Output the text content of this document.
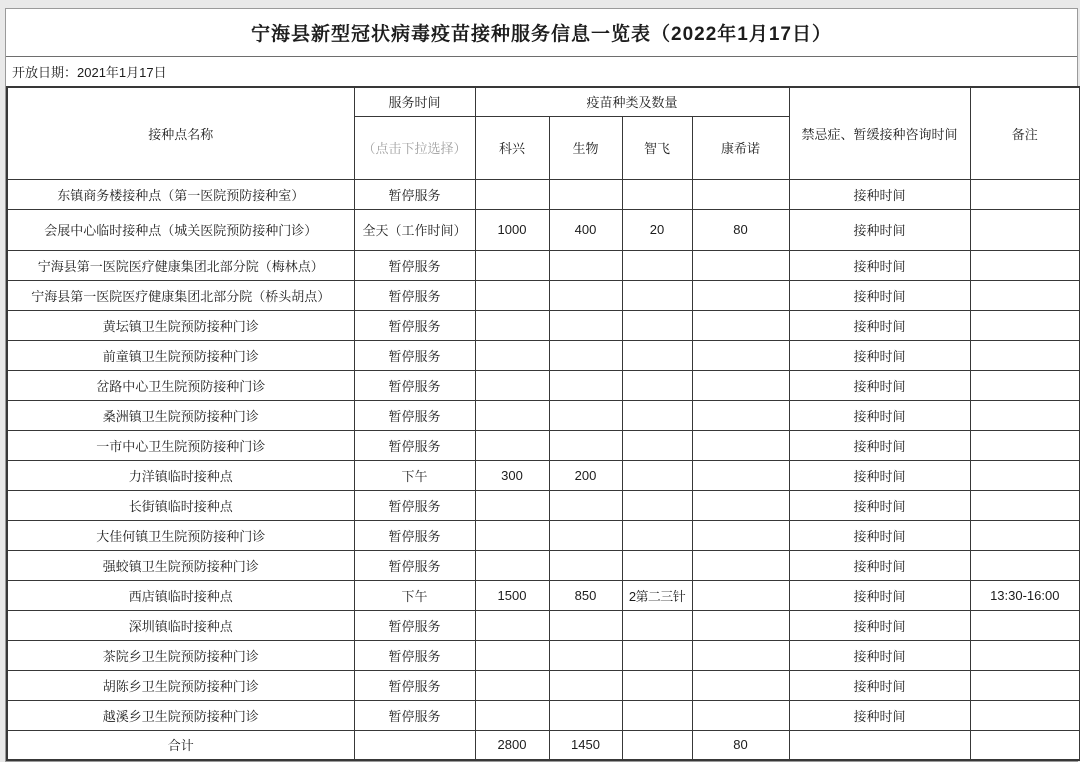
宁海县新型冠状病毒疫苗接种服务信息一览表（2022年1月17日）
开放日期：2021年1月17日
接种点名称	服务时间	疫苗种类及数量				禁忌症、暂缓接种咨询时间	备注
	（点击下拉选择）	科兴	生物	智飞	康希诺		
东镇商务楼接种点（第一医院预防接种室）	暂停服务					接种时间	
会展中心临时接种点（城关医院预防接种门诊）	全天（工作时间）	1000	400	20	80	接种时间	
宁海县第一医院医疗健康集团北部分院（梅林点）	暂停服务					接种时间	
宁海县第一医院医疗健康集团北部分院（桥头胡点）	暂停服务					接种时间	
黄坛镇卫生院预防接种门诊	暂停服务					接种时间	
前童镇卫生院预防接种门诊	暂停服务					接种时间	
岔路中心卫生院预防接种门诊	暂停服务					接种时间	
桑洲镇卫生院预防接种门诊	暂停服务					接种时间	
一市中心卫生院预防接种门诊	暂停服务					接种时间	
力洋镇临时接种点	下午	300	200			接种时间	
长街镇临时接种点	暂停服务					接种时间	
大佳何镇卫生院预防接种门诊	暂停服务					接种时间	
强蛟镇卫生院预防接种门诊	暂停服务					接种时间	
西店镇临时接种点	下午	1500	850	2第二三针		接种时间	13:30-16:00
深圳镇临时接种点	暂停服务					接种时间	
茶院乡卫生院预防接种门诊	暂停服务					接种时间	
胡陈乡卫生院预防接种门诊	暂停服务					接种时间	
越溪乡卫生院预防接种门诊	暂停服务					接种时间	
合计		2800	1450		80		
